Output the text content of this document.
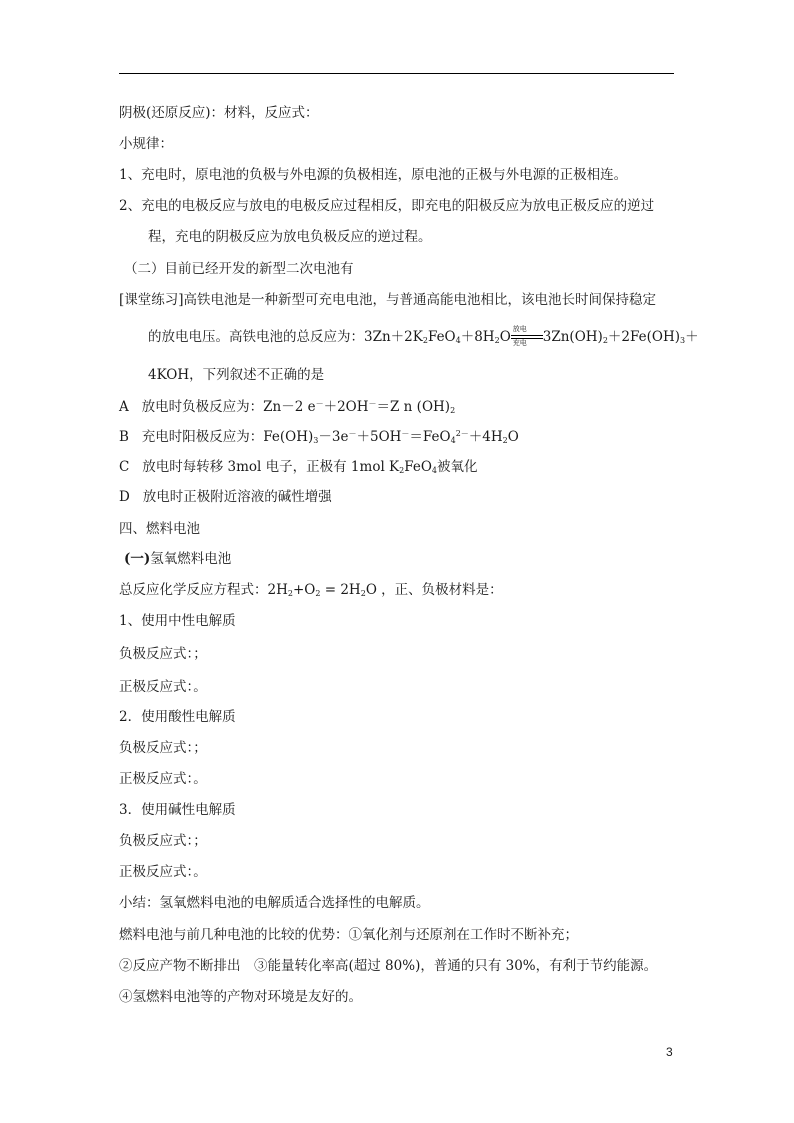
阴极(还原反应)：材料，反应式：
小规律：
1、充电时，原电池的负极与外电源的负极相连，原电池的正极与外电源的正极相连。
2、充电的电极反应与放电的电极反应过程相反，即充电的阳极反应为放电正极反应的逆过
程，充电的阴极反应为放电负极反应的逆过程。
（二）目前已经开发的新型二次电池有
[课堂练习]高铁电池是一种新型可充电电池，与普通高能电池相比，该电池长时间保持稳定
的放电电压。高铁电池的总反应为：$3Zn+2K_2FeO_4+8H_2O$ 放电
充电 $3Zn(OH)_2+2Fe(OH)_3+$
4KOH，下列叙述不正确的是
A 放电时负极反应为：Zn－2 e－＋2OH－＝Z n $(OH)_2$
B 充电时阳极反应为：$Fe(OH)_3-3e^-+5OH^-=FeO_4^{2-}+4H_2O$
C 放电时每转移 3mol 电子，正极有 1mol $K_2FeO_4$被氧化
D 放电时正极附近溶液的碱性增强
四、燃料电池
(一)氢氧燃料电池
总反应化学反应方程式：$2H_2+O_2 = 2H_2O$ ，正、负极材料是：
1、使用中性电解质
负极反应式：；
正极反应式：。
2．使用酸性电解质
负极反应式：；
正极反应式：。
3．使用碱性电解质
负极反应式：；
正极反应式：。
小结：氢氧燃料电池的电解质适合选择性的电解质。
燃料电池与前几种电池的比较的优势：①氧化剂与还原剂在工作时不断补充；
②反应产物不断排出　③能量转化率高(超过 80%)，普通的只有 30%，有利于节约能源。
④氢燃料电池等的产物对环境是友好的。
3
